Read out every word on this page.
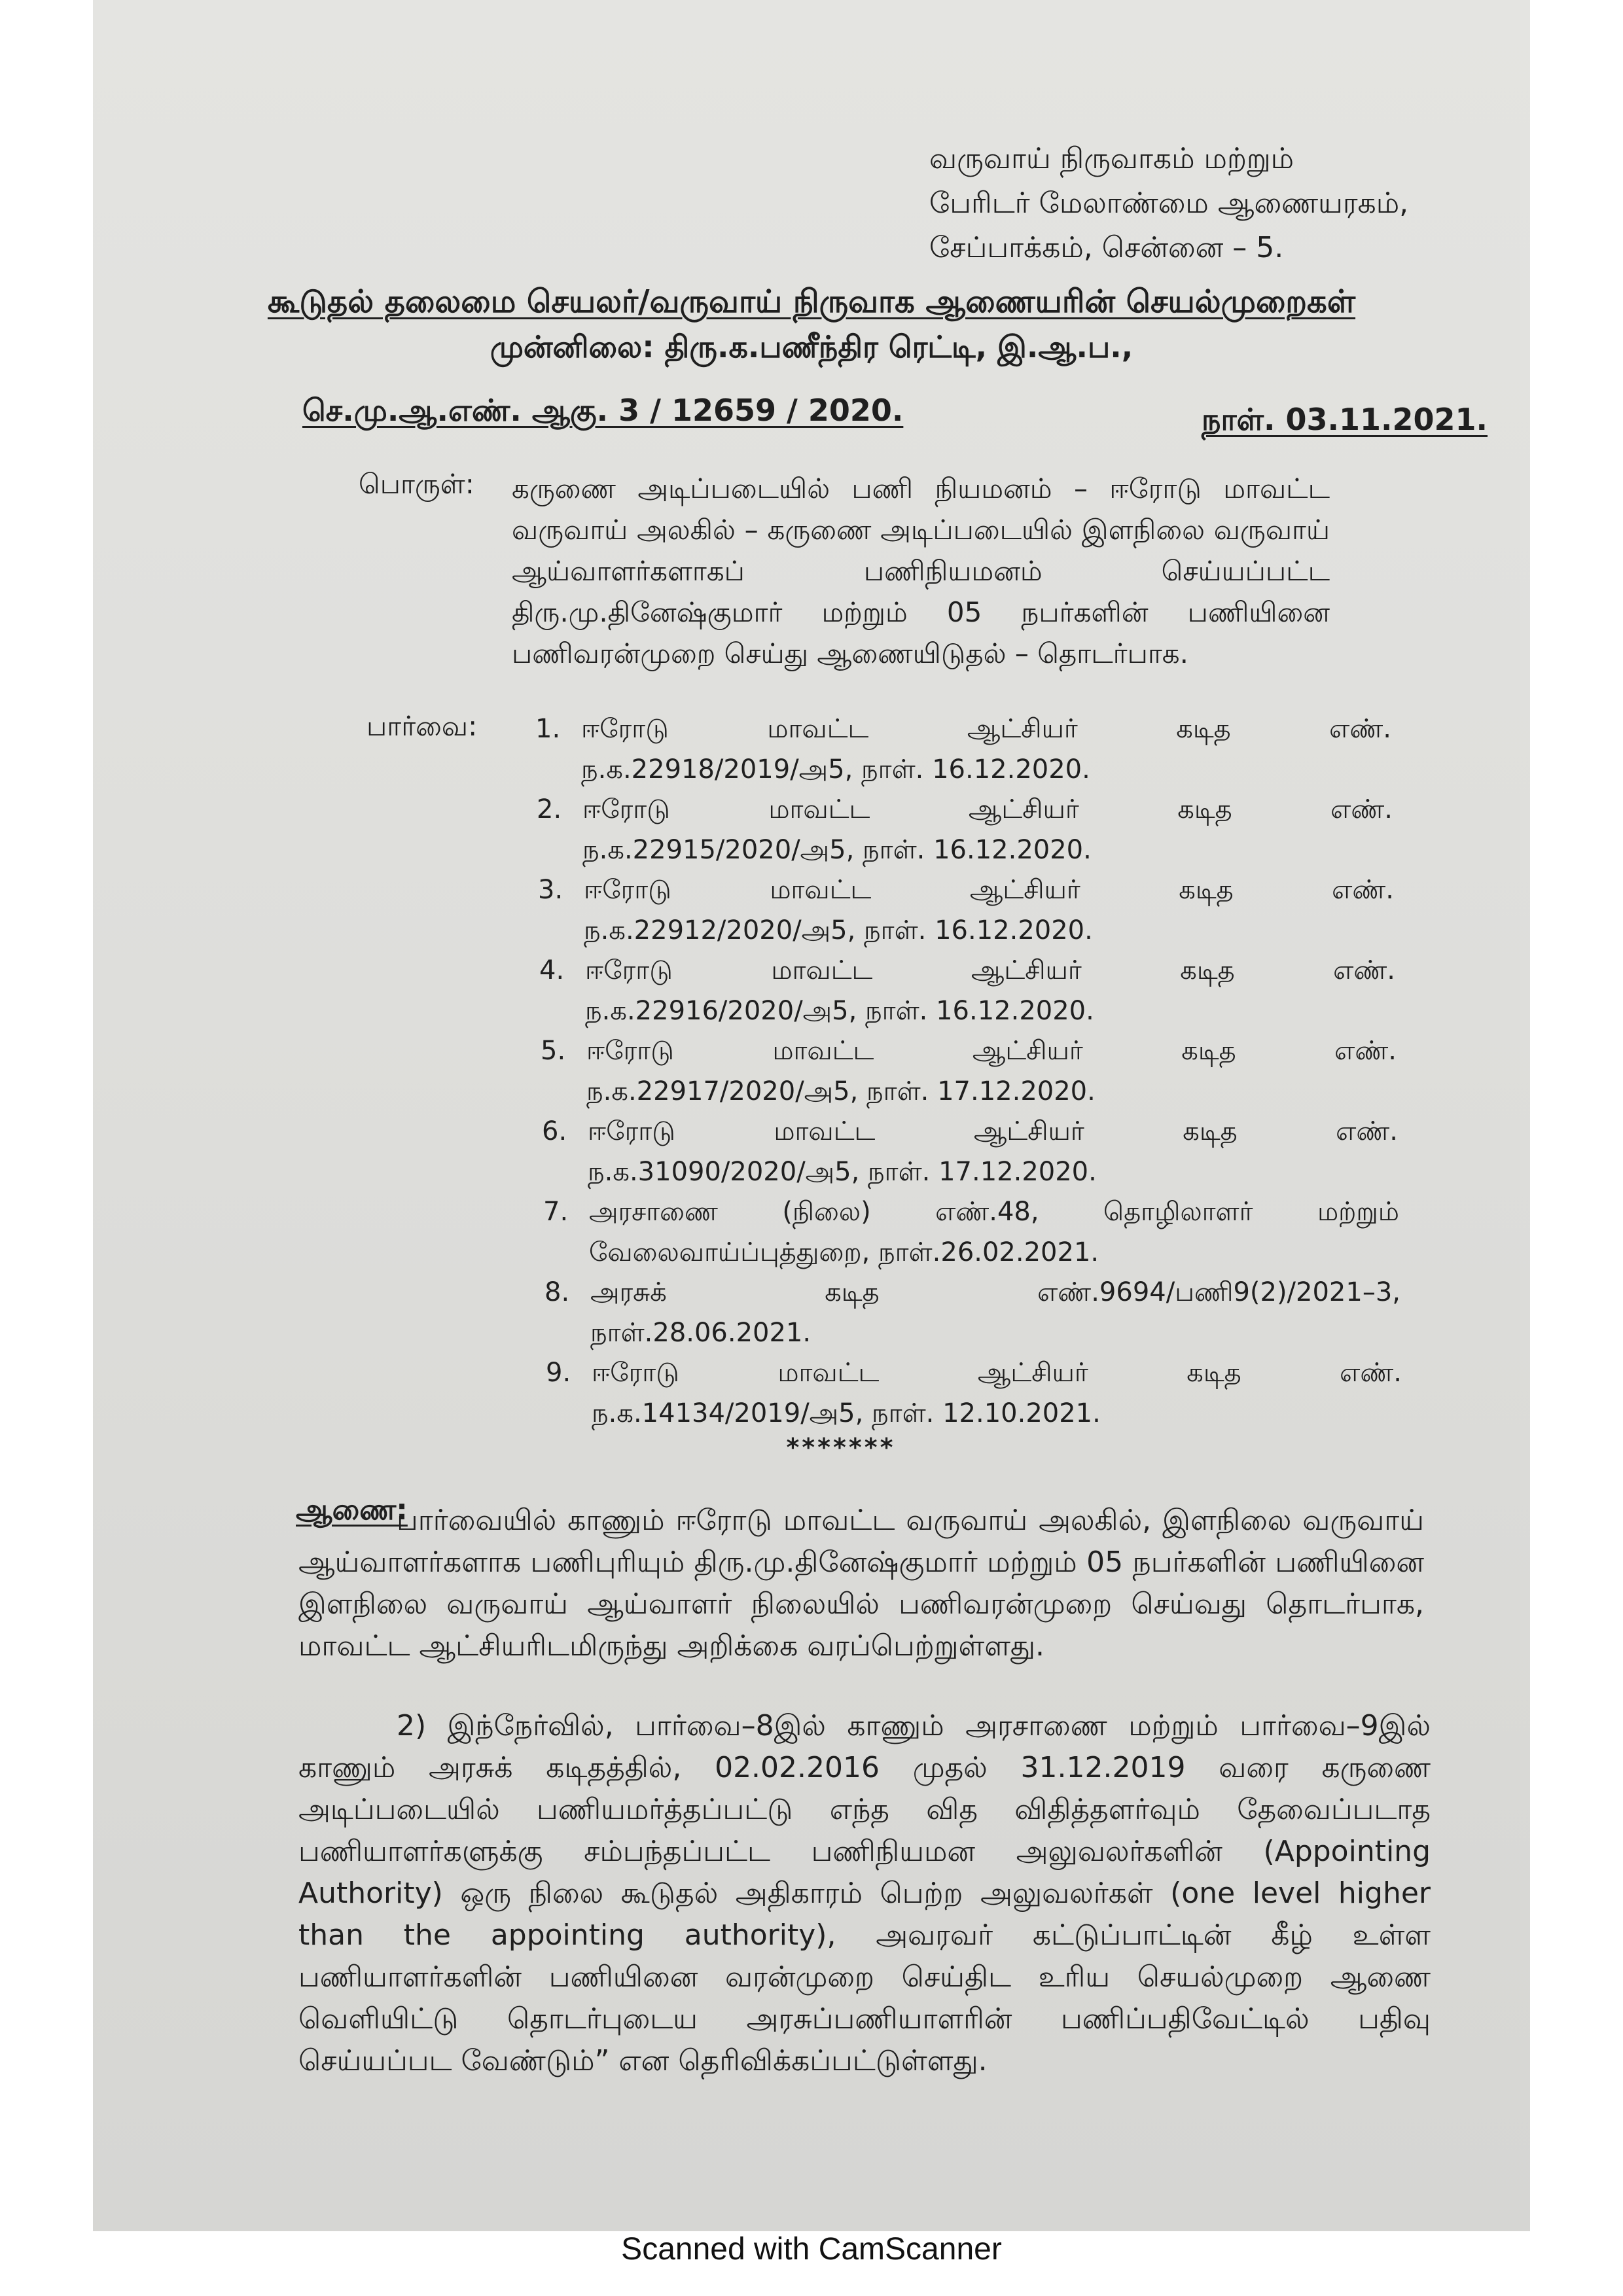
வருவாய் நிருவாகம் மற்றும்
பேரிடர் மேலாண்மை ஆணையரகம்,
சேப்பாக்கம், சென்னை – 5.
கூடுதல் தலைமை செயலர்/வருவாய் நிருவாக ஆணையரின் செயல்முறைகள்
முன்னிலை: திரு.க.பணீந்திர ரெட்டி, இ.ஆ.ப.,
செ.மு.ஆ.எண். ஆகு. 3 / 12659 / 2020.	நாள். 03.11.2021.
பொருள்: கருணை அடிப்படையில் பணி நியமனம் – ஈரோடு மாவட்ட வருவாய் அலகில் – கருணை அடிப்படையில் இளநிலை வருவாய் ஆய்வாளர்களாகப் பணிநியமனம் செய்யப்பட்ட திரு.மு.தினேஷ்குமார் மற்றும் 05 நபர்களின் பணியினை பணிவரன்முறை செய்து ஆணையிடுதல் – தொடர்பாக.
பார்வை: 1. ஈரோடு மாவட்ட ஆட்சியர் கடித எண்.
ந.க.22918/2019/அ5, நாள். 16.12.2020.
2. ஈரோடு மாவட்ட ஆட்சியர் கடித எண்.
ந.க.22915/2020/அ5, நாள். 16.12.2020.
3. ஈரோடு மாவட்ட ஆட்சியர் கடித எண்.
ந.க.22912/2020/அ5, நாள். 16.12.2020.
4. ஈரோடு மாவட்ட ஆட்சியர் கடித எண்.
ந.க.22916/2020/அ5, நாள். 16.12.2020.
5. ஈரோடு மாவட்ட ஆட்சியர் கடித எண்.
ந.க.22917/2020/அ5, நாள். 17.12.2020.
6. ஈரோடு மாவட்ட ஆட்சியர் கடித எண்.
ந.க.31090/2020/அ5, நாள். 17.12.2020.
7. அரசாணை (நிலை) எண்.48, தொழிலாளர் மற்றும்
வேலைவாய்ப்புத்துறை, நாள்.26.02.2021.
8. அரசுக் கடித எண்.9694/பணி9(2)/2021–3,
நாள்.28.06.2021.
9. ஈரோடு மாவட்ட ஆட்சியர் கடித எண்.
ந.க.14134/2019/அ5, நாள். 12.10.2021.
*******
ஆணை:
பார்வையில் காணும் ஈரோடு மாவட்ட வருவாய் அலகில், இளநிலை வருவாய் ஆய்வாளர்களாக பணிபுரியும் திரு.மு.தினேஷ்குமார் மற்றும் 05 நபர்களின் பணியினை இளநிலை வருவாய் ஆய்வாளர் நிலையில் பணிவரன்முறை செய்வது தொடர்பாக, மாவட்ட ஆட்சியரிடமிருந்து அறிக்கை வரப்பெற்றுள்ளது.
2) இந்நேர்வில், பார்வை–8இல் காணும் அரசாணை மற்றும் பார்வை–9இல் காணும் அரசுக் கடிதத்தில், 02.02.2016 முதல் 31.12.2019 வரை கருணை அடிப்படையில் பணியமர்த்தப்பட்டு எந்த வித விதித்தளர்வும் தேவைப்படாத பணியாளர்களுக்கு சம்பந்தப்பட்ட பணிநியமன அலுவலர்களின் (Appointing Authority) ஒரு நிலை கூடுதல் அதிகாரம் பெற்ற அலுவலர்கள் (one level higher than the appointing authority), அவரவர் கட்டுப்பாட்டின் கீழ் உள்ள பணியாளர்களின் பணியினை வரன்முறை செய்திட உரிய செயல்முறை ஆணை வெளியிட்டு தொடர்புடைய அரசுப்பணியாளரின் பணிப்பதிவேட்டில் பதிவு செய்யப்பட வேண்டும்” என தெரிவிக்கப்பட்டுள்ளது.
Scanned with CamScanner
